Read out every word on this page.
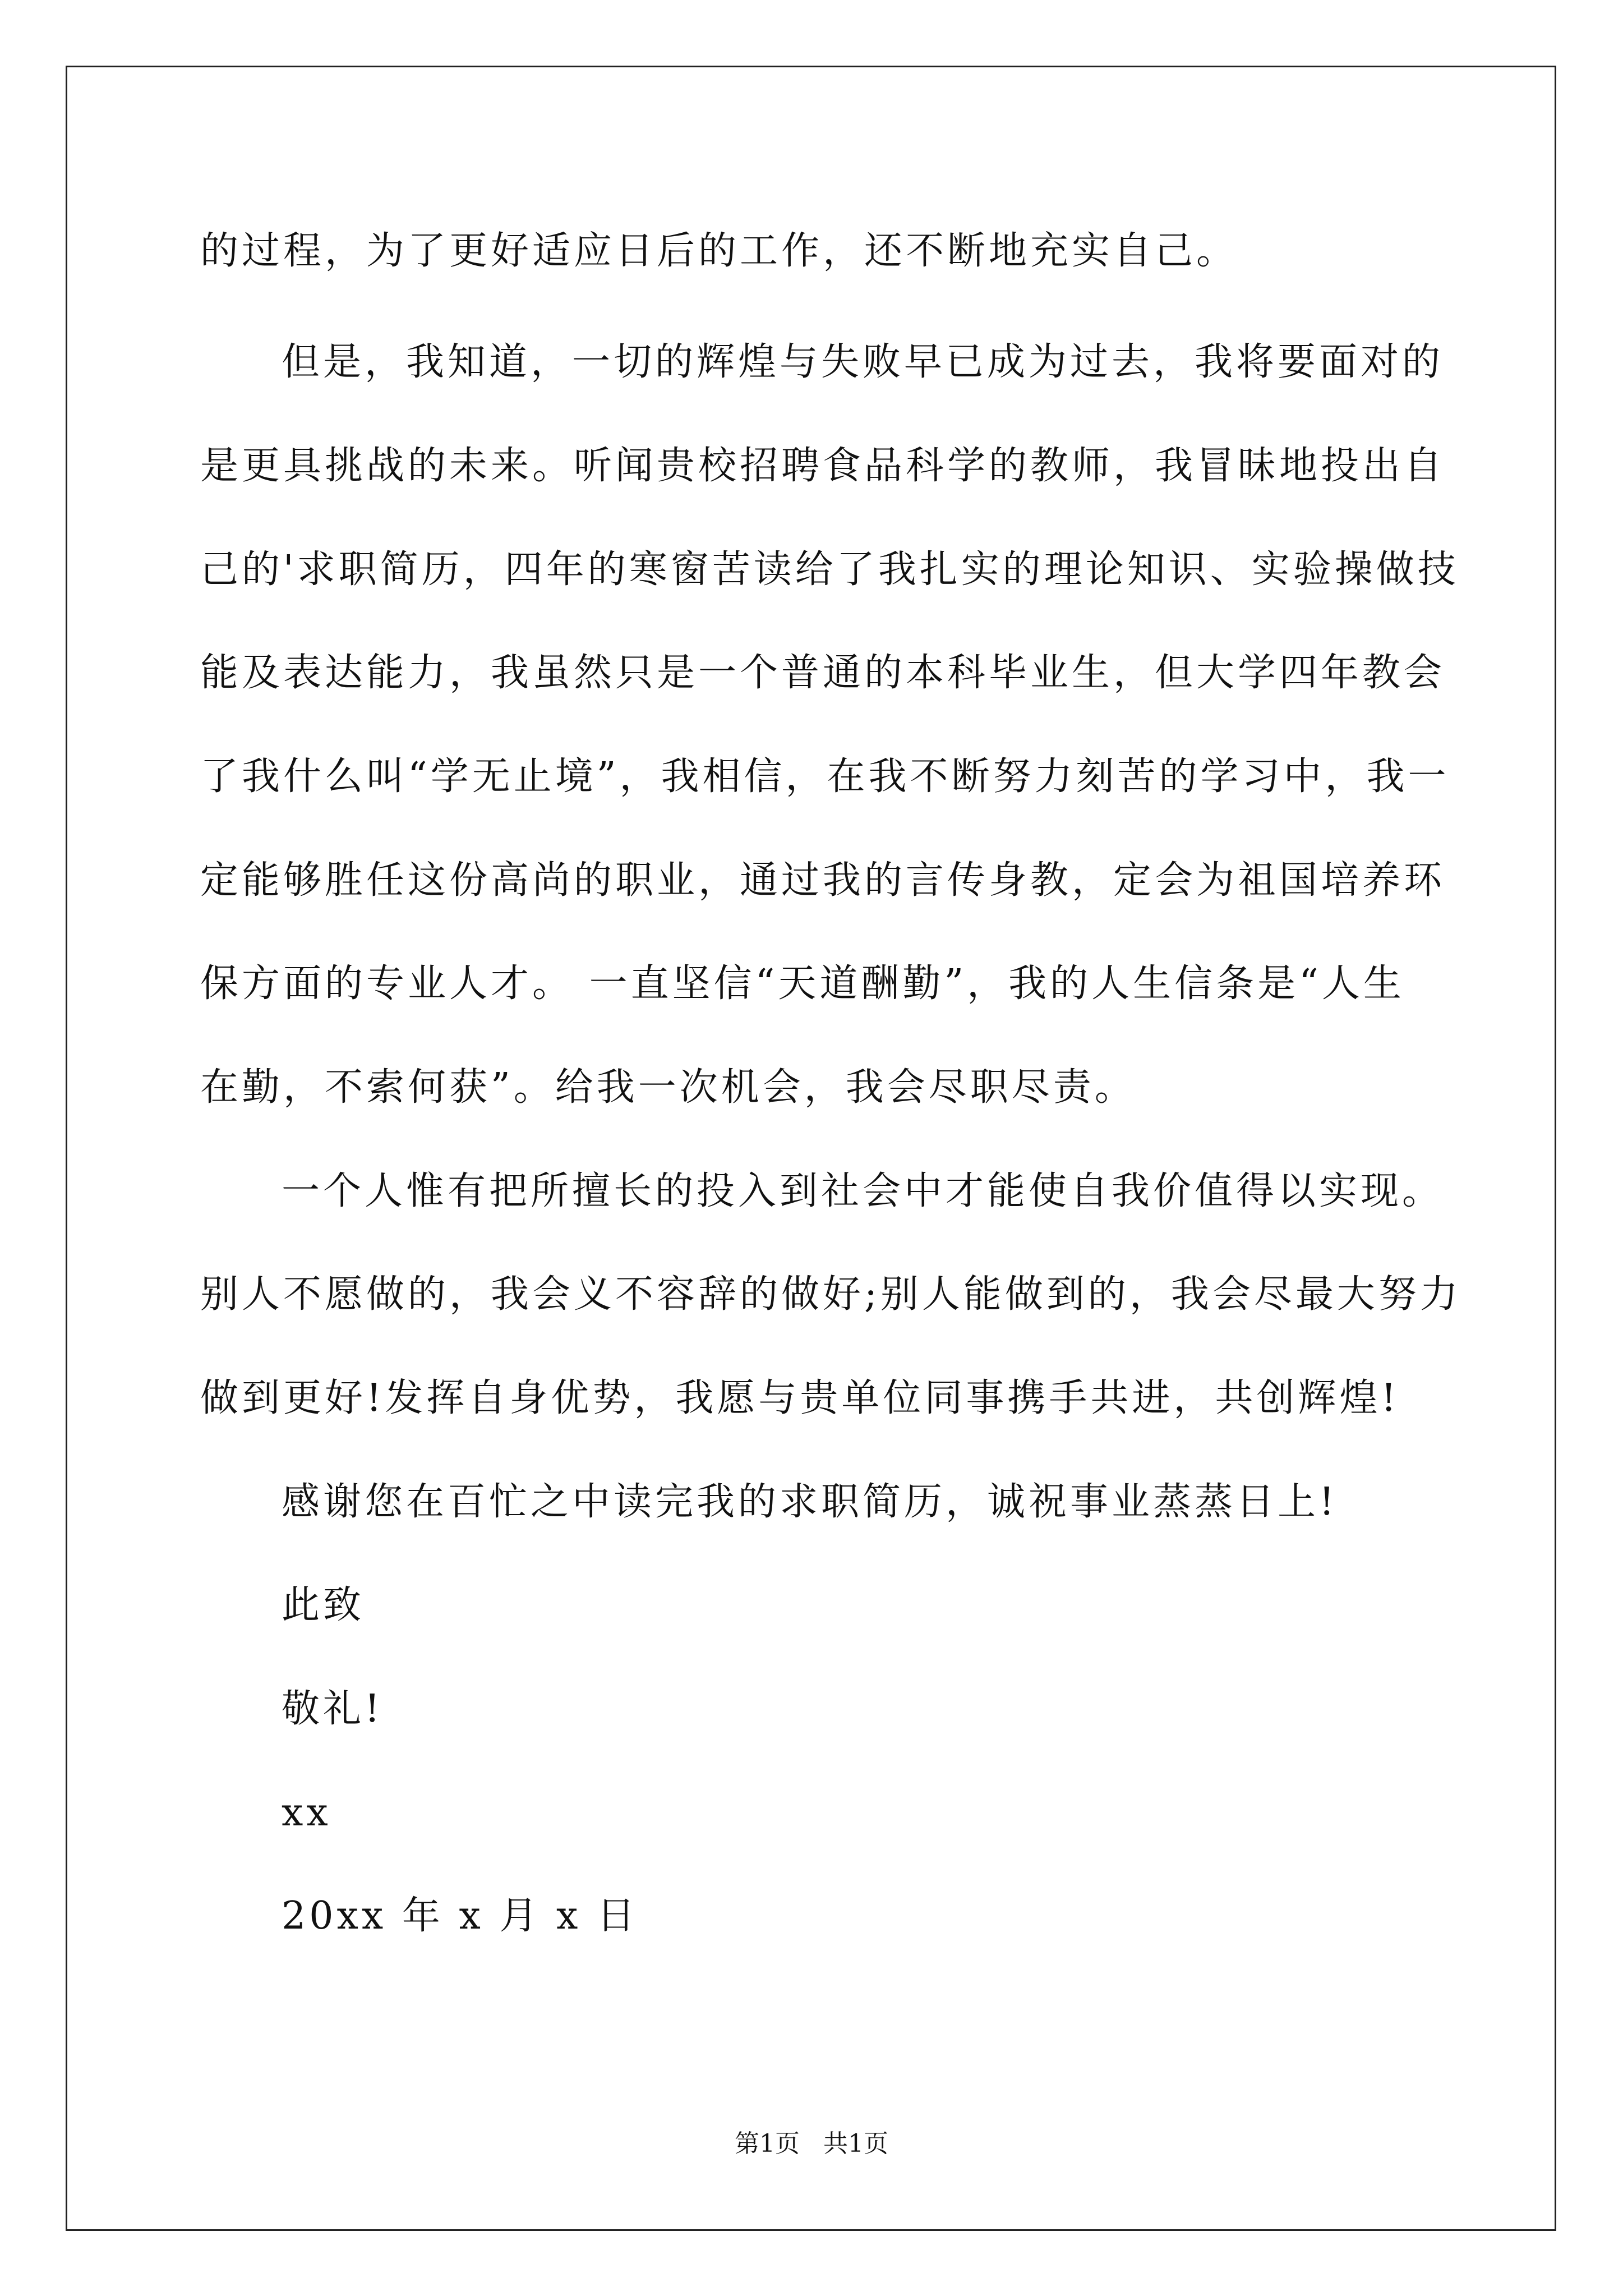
的过程，为了更好适应日后的工作，还不断地充实自己。
但是，我知道，一切的辉煌与失败早已成为过去，我将要面对的
是更具挑战的未来。听闻贵校招聘食品科学的教师，我冒昧地投出自
己的'求职简历，四年的寒窗苦读给了我扎实的理论知识、实验操做技
能及表达能力，我虽然只是一个普通的本科毕业生，但大学四年教会
了我什么叫“学无止境”，我相信，在我不断努力刻苦的学习中，我一
定能够胜任这份高尚的职业，通过我的言传身教，定会为祖国培养环
保方面的专业人才。 一直坚信“天道酬勤”，我的人生信条是“人生
在勤，不索何获”。给我一次机会，我会尽职尽责。
一个人惟有把所擅长的投入到社会中才能使自我价值得以实现。
别人不愿做的，我会义不容辞的做好;别人能做到的，我会尽最大努力
做到更好!发挥自身优势，我愿与贵单位同事携手共进，共创辉煌!
感谢您在百忙之中读完我的求职简历，诚祝事业蒸蒸日上!
此致
敬礼!
xx
20xx 年 x 月 x 日
第1页   共1页
